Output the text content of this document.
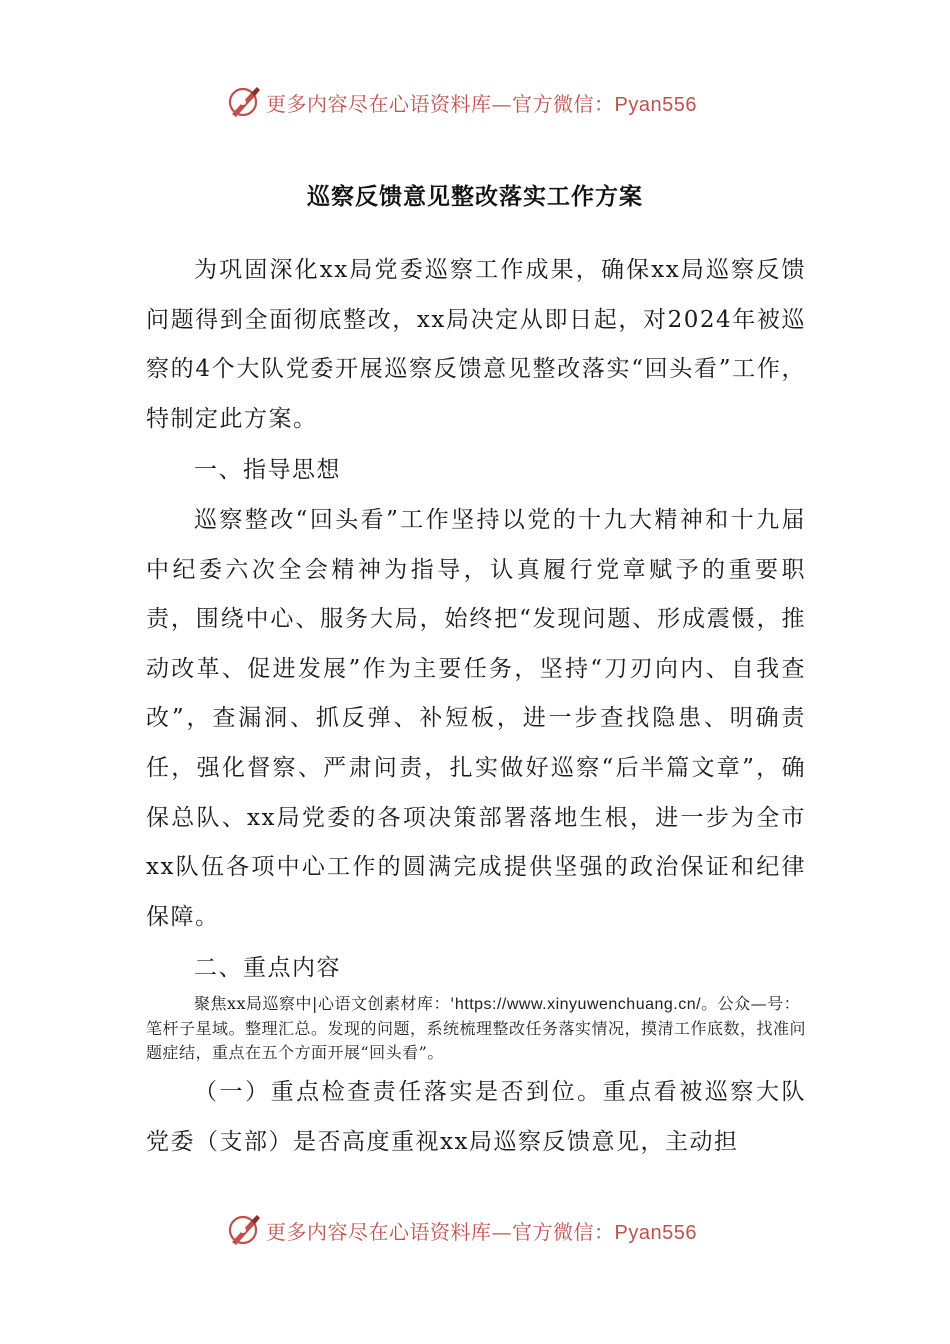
更多内容尽在心语资料库—官方微信：Pyan556
巡察反馈意见整改落实工作方案
为巩固深化xx局党委巡察工作成果，确保xx局巡察反馈问题得到全面彻底整改，xx局决定从即日起，对2024年被巡察的4个大队党委开展巡察反馈意见整改落实“回头看”工作，特制定此方案。
一、指导思想
巡察整改“回头看”工作坚持以党的十九大精神和十九届中纪委六次全会精神为指导，认真履行党章赋予的重要职责，围绕中心、服务大局，始终把“发现问题、形成震慑，推动改革、促进发展”作为主要任务，坚持“刀刃向内、自我查改”，查漏洞、抓反弹、补短板，进一步查找隐患、明确责任，强化督察、严肃问责，扎实做好巡察“后半篇文章”，确保总队、xx局党委的各项决策部署落地生根，进一步为全市xx队伍各项中心工作的圆满完成提供坚强的政治保证和纪律保障。
二、重点内容
聚焦xx局巡察中|心语文创素材库：'https://www.xinyuwenchuang.cn/。公众—号：笔杆子星域。整理汇总。发现的问题，系统梳理整改任务落实情况，摸清工作底数，找准问题症结，重点在五个方面开展“回头看”。
（一）重点检查责任落实是否到位。重点看被巡察大队党委（支部）是否高度重视xx局巡察反馈意见，主动担
更多内容尽在心语资料库—官方微信：Pyan556
